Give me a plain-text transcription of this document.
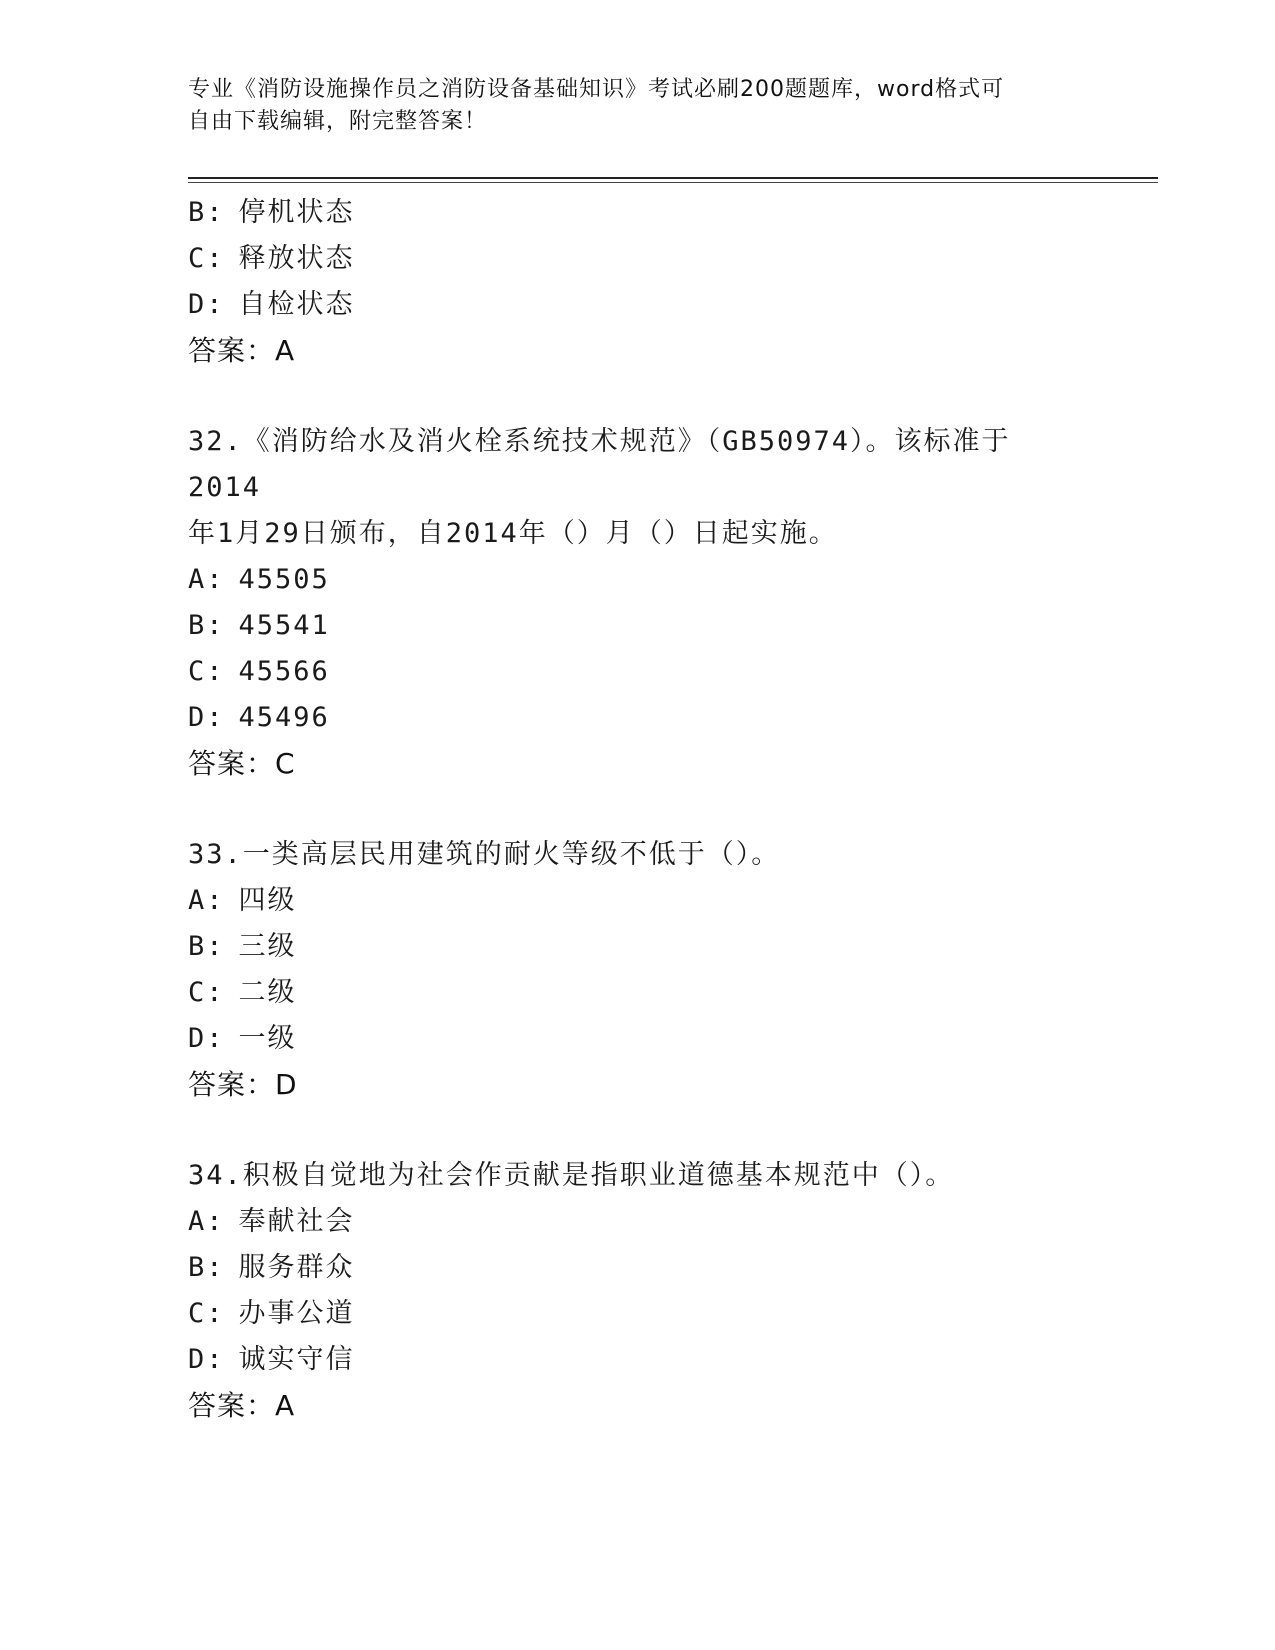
专业《消防设施操作员之消防设备基础知识》考试必刷200题题库，word格式可
自由下载编辑，附完整答案！
B: 停机状态
C: 释放状态
D: 自检状态
答案：A
32.《消防给水及消火栓系统技术规范》（GB50974）。该标准于2014
年1月29日颁布，自2014年（）月（）日起实施。
A: 45505
B: 45541
C: 45566
D: 45496
答案：C
33.一类高层民用建筑的耐火等级不低于（）。
A: 四级
B: 三级
C: 二级
D: 一级
答案：D
34.积极自觉地为社会作贡献是指职业道德基本规范中（）。
A: 奉献社会
B: 服务群众
C: 办事公道
D: 诚实守信
答案：A
